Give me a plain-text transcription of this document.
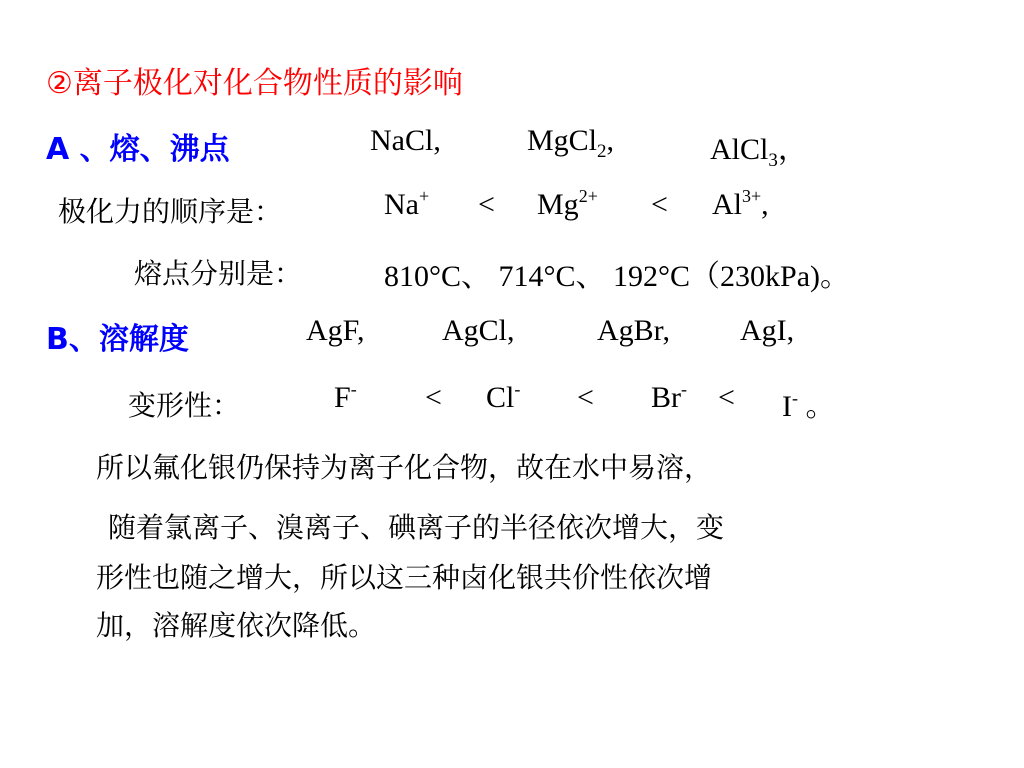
②离子极化对化合物性质的影响
A 、熔、沸点	NaCl,	MgCl$_2$,	AlCl$_3$，
极化力的顺序是：	$Na^+ < Mg^{2+} < Al^{3+}$,
熔点分别是：	810°C、 714°C、 192°C（230kPa)。
B、溶解度	AgF,	AgCl,	AgBr, AgI,
变形性：	F- < Cl- < Br- < I- 。
所以氟化银仍保持为离子化合物，故在水中易溶，
随着氯离子、溴离子、碘离子的半径依次增大，变
形性也随之增大，所以这三种卤化银共价性依次增
加，溶解度依次降低。
